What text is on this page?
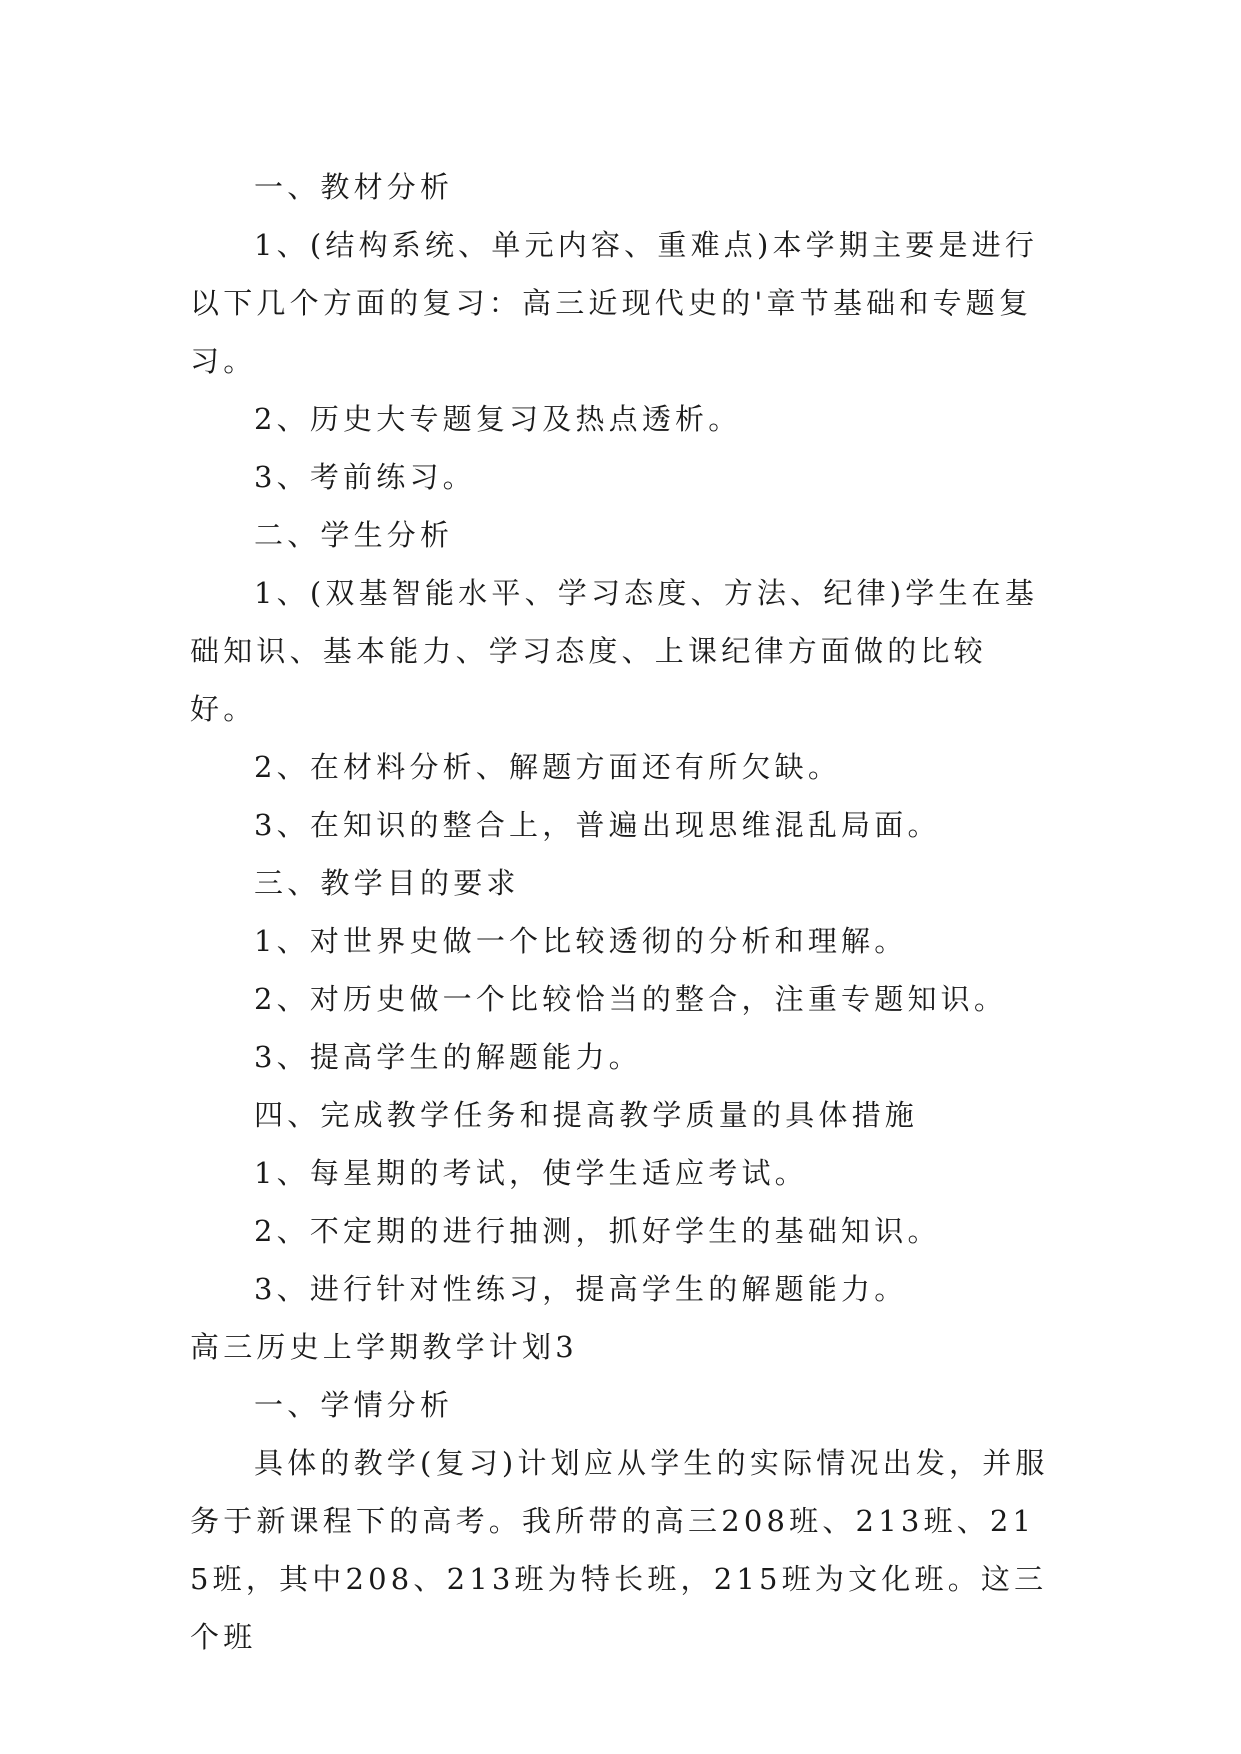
一、教材分析

1、(结构系统、单元内容、重难点)本学期主要是进行以下几个方面的复习：高三近现代史的'章节基础和专题复习。

2、历史大专题复习及热点透析。

3、考前练习。

二、学生分析

1、(双基智能水平、学习态度、方法、纪律)学生在基础知识、基本能力、学习态度、上课纪律方面做的比较好。

2、在材料分析、解题方面还有所欠缺。

3、在知识的整合上，普遍出现思维混乱局面。

三、教学目的要求

1、对世界史做一个比较透彻的分析和理解。

2、对历史做一个比较恰当的整合，注重专题知识。

3、提高学生的解题能力。

四、完成教学任务和提高教学质量的具体措施

1、每星期的考试，使学生适应考试。

2、不定期的进行抽测，抓好学生的基础知识。

3、进行针对性练习，提高学生的解题能力。

高三历史上学期教学计划3

一、学情分析

具体的教学(复习)计划应从学生的实际情况出发，并服务于新课程下的高考。我所带的高三208班、213班、215班，其中208、213班为特长班，215班为文化班。这三个班
